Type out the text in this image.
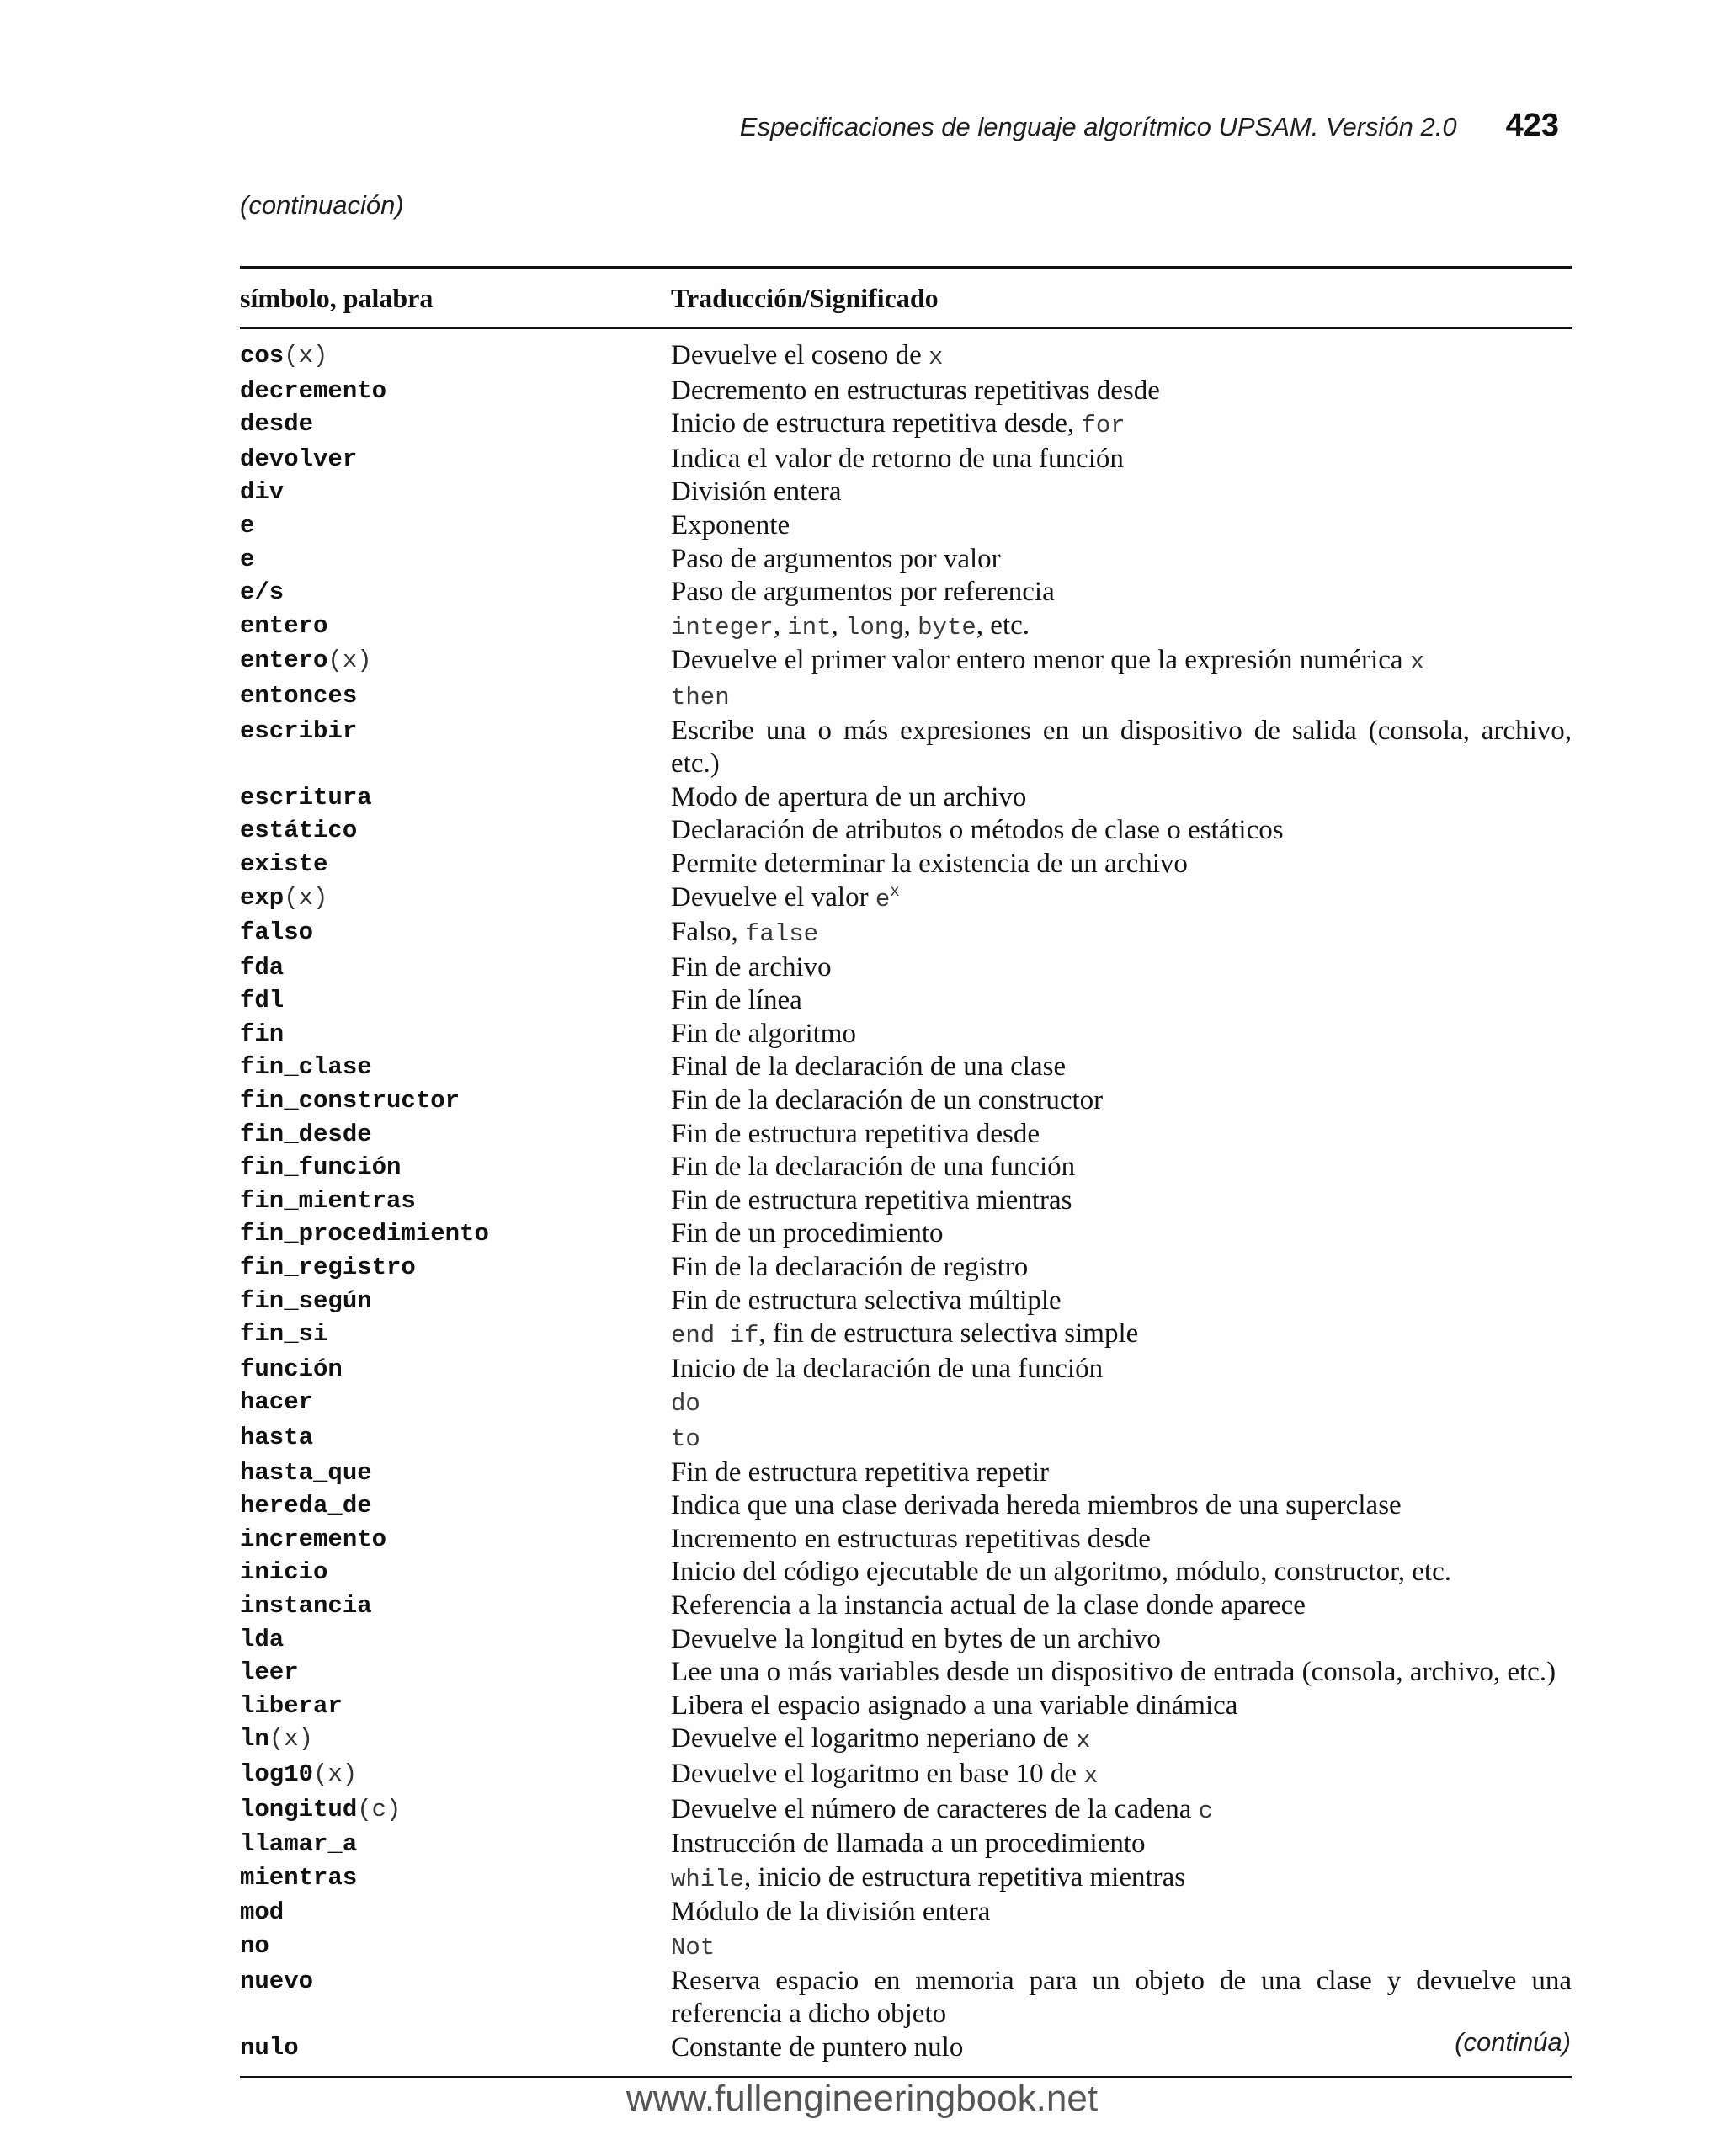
Especificaciones de lenguaje algorítmico UPSAM. Versión 2.0 423
(continuación)
símbolo, palabra	Traducción/Significado
cos(x)	Devuelve el coseno de x
decremento	Decremento en estructuras repetitivas desde
desde	Inicio de estructura repetitiva desde, for
devolver	Indica el valor de retorno de una función
div	División entera
e	Exponente
e	Paso de argumentos por valor
e/s	Paso de argumentos por referencia
entero	integer, int, long, byte, etc.
entero(x)	Devuelve el primer valor entero menor que la expresión numérica x
entonces	then
escribir	Escribe una o más expresiones en un dispositivo de salida (consola, archivo, etc.)
escritura	Modo de apertura de un archivo
estático	Declaración de atributos o métodos de clase o estáticos
existe	Permite determinar la existencia de un archivo
exp(x)	Devuelve el valor $e^x$
falso	Falso, false
fda	Fin de archivo
fdl	Fin de línea
fin	Fin de algoritmo
fin_clase	Final de la declaración de una clase
fin_constructor	Fin de la declaración de un constructor
fin_desde	Fin de estructura repetitiva desde
fin_función	Fin de la declaración de una función
fin_mientras	Fin de estructura repetitiva mientras
fin_procedimiento	Fin de un procedimiento
fin_registro	Fin de la declaración de registro
fin_según	Fin de estructura selectiva múltiple
fin_si	end if, fin de estructura selectiva simple
función	Inicio de la declaración de una función
hacer	do
hasta	to
hasta_que	Fin de estructura repetitiva repetir
hereda_de	Indica que una clase derivada hereda miembros de una superclase
incremento	Incremento en estructuras repetitivas desde
inicio	Inicio del código ejecutable de un algoritmo, módulo, constructor, etc.
instancia	Referencia a la instancia actual de la clase donde aparece
lda	Devuelve la longitud en bytes de un archivo
leer	Lee una o más variables desde un dispositivo de entrada (consola, archivo, etc.)
liberar	Libera el espacio asignado a una variable dinámica
ln(x)	Devuelve el logaritmo neperiano de x
log10(x)	Devuelve el logaritmo en base 10 de x
longitud(c)	Devuelve el número de caracteres de la cadena c
llamar_a	Instrucción de llamada a un procedimiento
mientras	while, inicio de estructura repetitiva mientras
mod	Módulo de la división entera
no	Not
nuevo	Reserva espacio en memoria para un objeto de una clase y devuelve una referencia a dicho objeto
nulo	Constante de puntero nulo	(continúa)
www.fullengineeringbook.net
